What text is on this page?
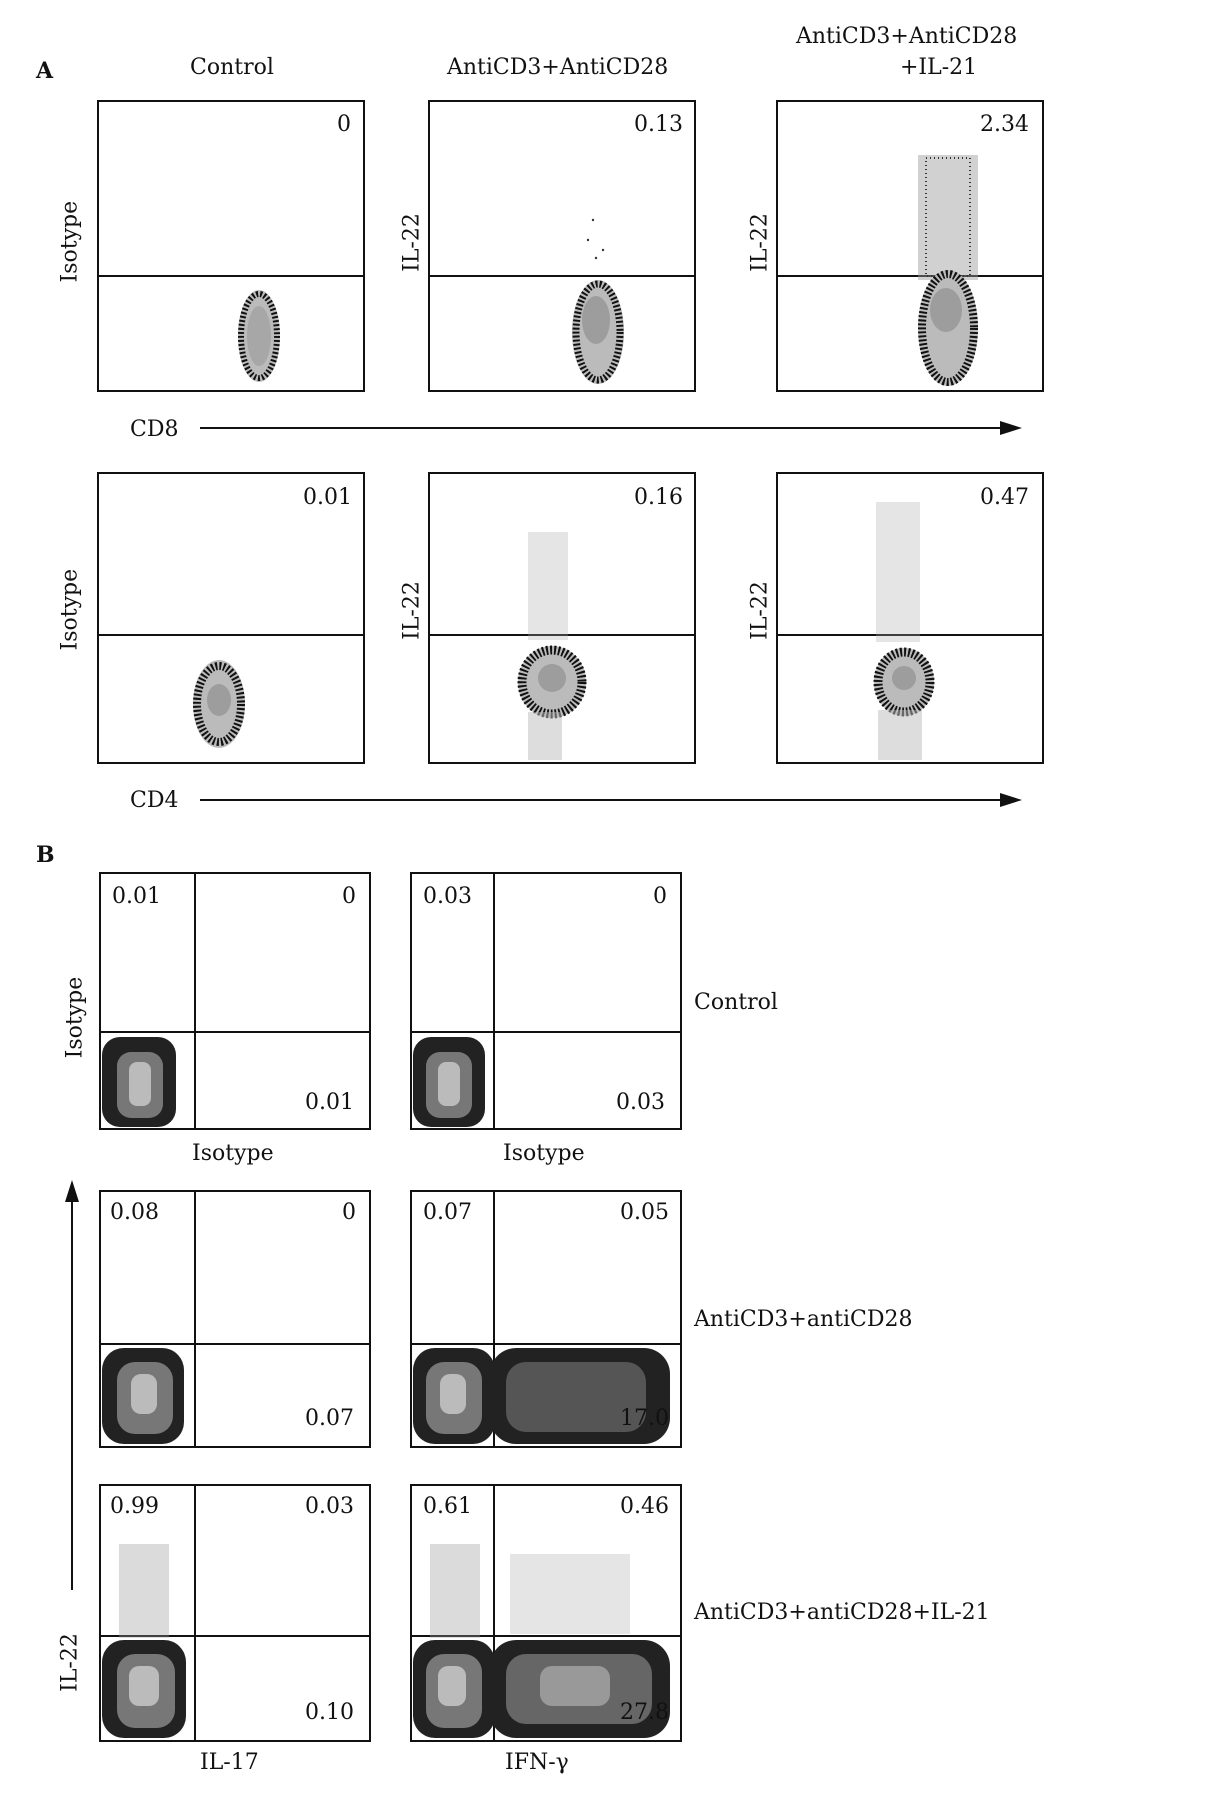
A	Control	AntiCD3+AntiCD28
AntiCD3+AntiCD28
+IL-21
0
Isotype
0.13
IL-22
2.34
IL-22
CD8
0.01
Isotype
0.16
IL-22
0.47
IL-22
CD4
B
0.01	0
0.01
Isotype
0.03	0
0.03
Isotype
Control
Isotype
0.08	0
0.07
0.07	0.05
17.0
AntiCD3+antiCD28
0.99	0.03
0.10
IL-17
0.61	0.46
27.8
IFN-γ
AntiCD3+antiCD28+IL-21
IL-22
